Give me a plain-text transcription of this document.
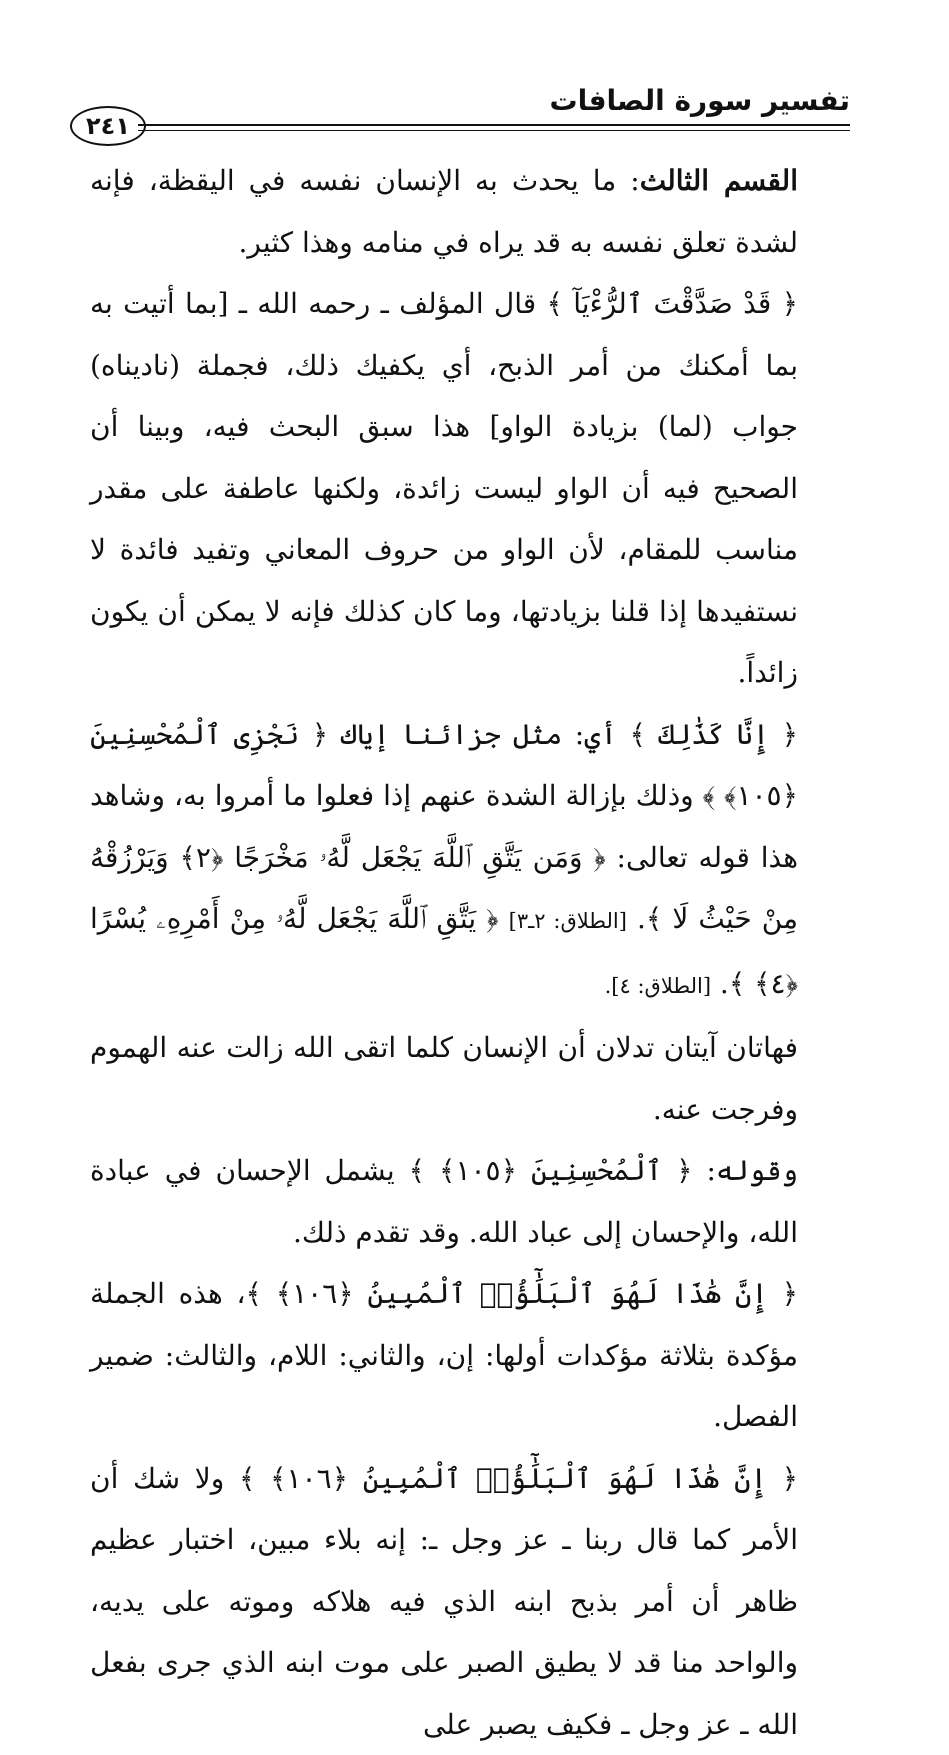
تفسير سورة الصافات
٢٤١

القسم الثالث: ما يحدث به الإنسان نفسه في اليقظة، فإنه لشدة تعلق نفسه به قد يراه في منامه وهذا كثير.

﴿ قَدْ صَدَّقْتَ ٱلرُّءْيَآ ﴾ قال المؤلف ـ رحمه الله ـ [بما أتيت به بما أمكنك من أمر الذبح، أي يكفيك ذلك، فجملة (ناديناه) جواب (لما) بزيادة الواو] هذا سبق البحث فيه، وبينا أن الصحيح فيه أن الواو ليست زائدة، ولكنها عاطفة على مقدر مناسب للمقام، لأن الواو من حروف المعاني وتفيد فائدة لا نستفيدها إذا قلنا بزيادتها، وما كان كذلك فإنه لا يمكن أن يكون زائداً.

﴿ إِنَّا كَذَٰلِكَ ﴾ أي: مثل جزائنا إياك ﴿ نَجْزِى ٱلْمُحْسِنِينَ ﴿١٠٥﴾ ﴾ وذلك بإزالة الشدة عنهم إذا فعلوا ما أمروا به، وشاهد هذا قوله تعالى: ﴿ وَمَن يَتَّقِ ٱللَّهَ يَجْعَل لَّهُۥ مَخْرَجًا ﴿٢﴾ وَيَرْزُقْهُ مِنْ حَيْثُ لَا ﴾. [الطلاق: ٢ـ٣] ﴿ يَتَّقِ ٱللَّهَ يَجْعَل لَّهُۥ مِنْ أَمْرِهِۦ يُسْرًا ﴿٤﴾ ﴾. [الطلاق: ٤].

فهاتان آيتان تدلان أن الإنسان كلما اتقى الله زالت عنه الهموم وفرجت عنه.

وقوله: ﴿ ٱلْمُحْسِنِينَ ﴿١٠٥﴾ ﴾ يشمل الإحسان في عبادة الله، والإحسان إلى عباد الله. وقد تقدم ذلك.

﴿ إِنَّ هَٰذَا لَهُوَ ٱلْبَلَٰٓؤُا۟ ٱلْمُبِينُ ﴿١٠٦﴾ ﴾، هذه الجملة مؤكدة بثلاثة مؤكدات أولها: إن، والثاني: اللام، والثالث: ضمير الفصل.

﴿ إِنَّ هَٰذَا لَهُوَ ٱلْبَلَٰٓؤُا۟ ٱلْمُبِينُ ﴿١٠٦﴾ ﴾ ولا شك أن الأمر كما قال ربنا ـ عز وجل ـ: إنه بلاء مبين، اختبار عظيم ظاهر أن أمر بذبح ابنه الذي فيه هلاكه وموته على يديه، والواحد منا قد لا يطيق الصبر على موت ابنه الذي جرى بفعل الله ـ عز وجل ـ فكيف يصبر على
